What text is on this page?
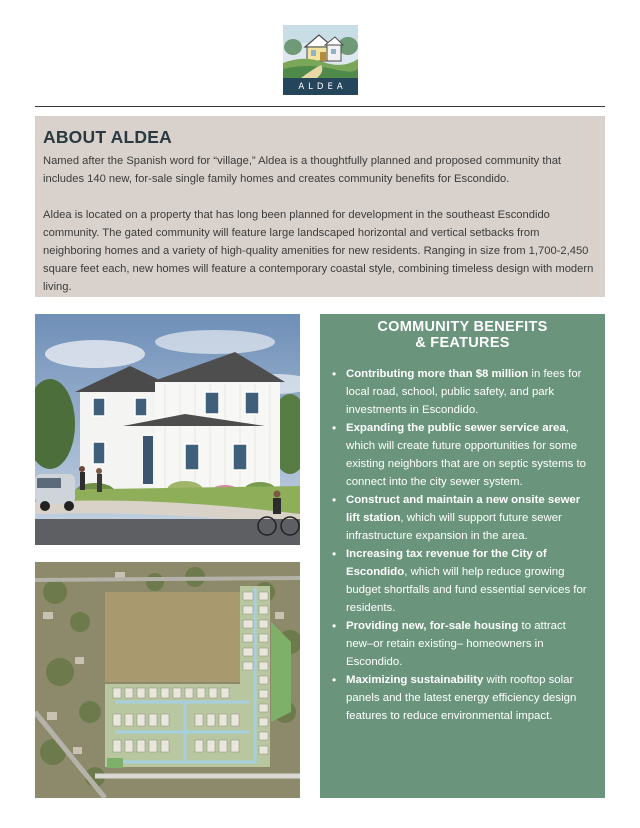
ALDEA
ABOUT ALDEA

Named after the Spanish word for “village,” Aldea is a thoughtfully planned and proposed community that includes 140 new, for-sale single family homes and creates community benefits for Escondido.

Aldea is located on a property that has long been planned for development in the southeast Escondido community. The gated community will feature large landscaped horizontal and vertical setbacks from neighboring homes and a variety of high-quality amenities for new residents. Ranging in size from 1,700-2,450 square feet each, new homes will feature a contemporary coastal style, combining timeless design with modern living.

COMMUNITY BENEFITS
& FEATURES
• Contributing more than $8 million in fees for local road, school, public safety, and park investments in Escondido.
• Expanding the public sewer service area, which will create future opportunities for some existing neighbors that are on septic systems to connect into the city sewer system.
• Construct and maintain a new onsite sewer lift station, which will support future sewer infrastructure expansion in the area.
• Increasing tax revenue for the City of Escondido, which will help reduce growing budget shortfalls and fund essential services for residents.
• Providing new, for-sale housing to attract new–or retain existing– homeowners in Escondido.
• Maximizing sustainability with rooftop solar panels and the latest energy efficiency design features to reduce environmental impact.
